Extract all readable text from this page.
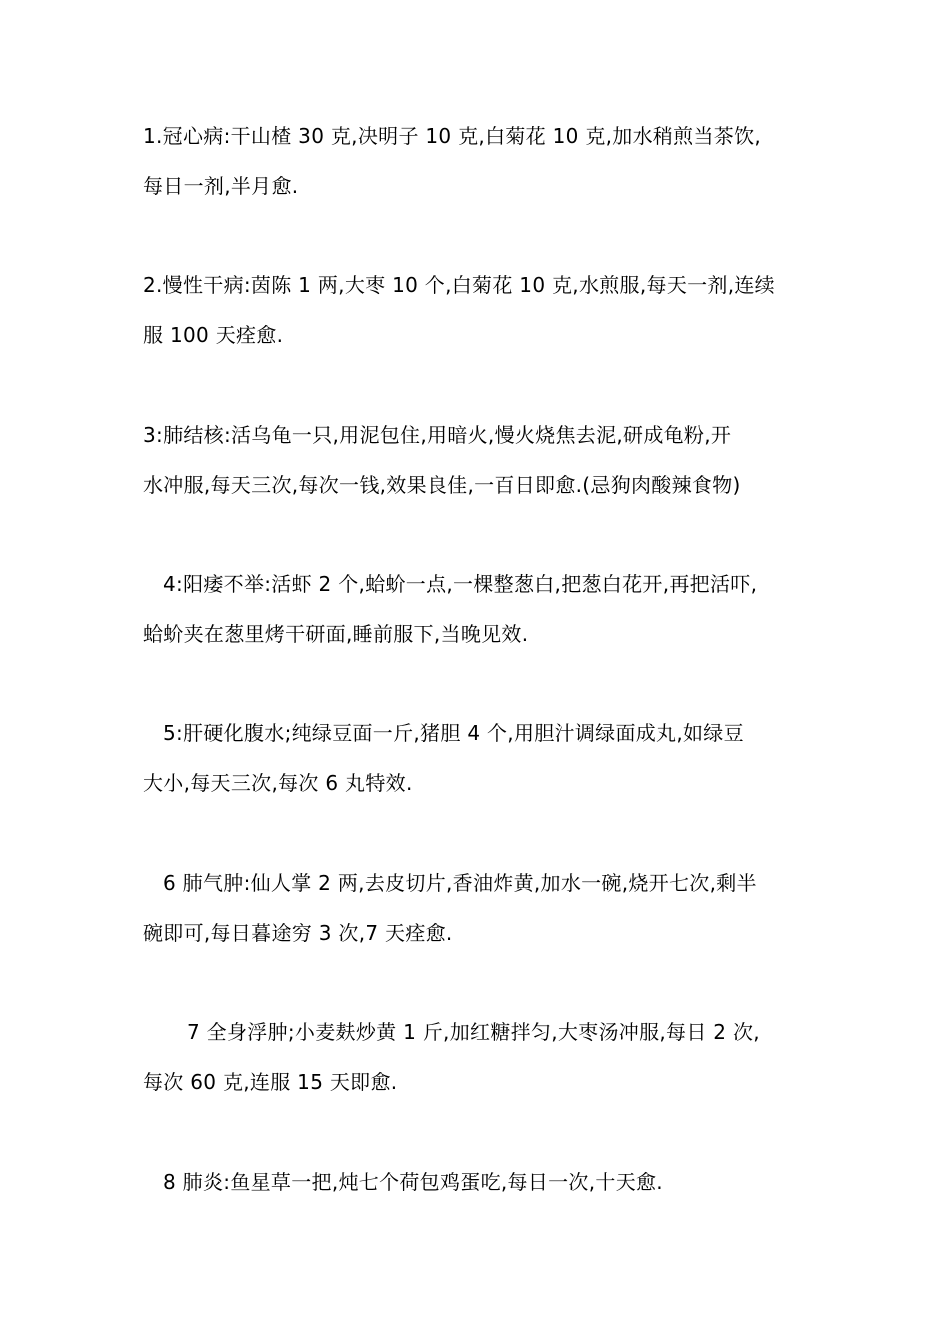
1.冠心病:干山楂 30 克,决明子 10 克,白菊花 10 克,加水稍煎当茶饮,
每日一剂,半月愈.
2.慢性干病:茵陈 1 两,大枣 10 个,白菊花 10 克,水煎服,每天一剂,连续
服 100 天痊愈.
3:肺结核:活乌龟一只,用泥包住,用暗火,慢火烧焦去泥,研成龟粉,开
水冲服,每天三次,每次一钱,效果良佳,一百日即愈.(忌狗肉酸辣食物)
4:阳痿不举:活虾 2 个,蛤蚧一点,一棵整葱白,把葱白花开,再把活吓,
蛤蚧夹在葱里烤干研面,睡前服下,当晚见效.
5:肝硬化腹水;纯绿豆面一斤,猪胆 4 个,用胆汁调绿面成丸,如绿豆
大小,每天三次,每次 6 丸特效.
6 肺气肿:仙人掌 2 两,去皮切片,香油炸黄,加水一碗,烧开七次,剩半
碗即可,每日暮途穷 3 次,7 天痊愈.
7 全身浮肿;小麦麸炒黄 1 斤,加红糖拌匀,大枣汤冲服,每日 2 次,
每次 60 克,连服 15 天即愈.
8 肺炎:鱼星草一把,炖七个荷包鸡蛋吃,每日一次,十天愈.
